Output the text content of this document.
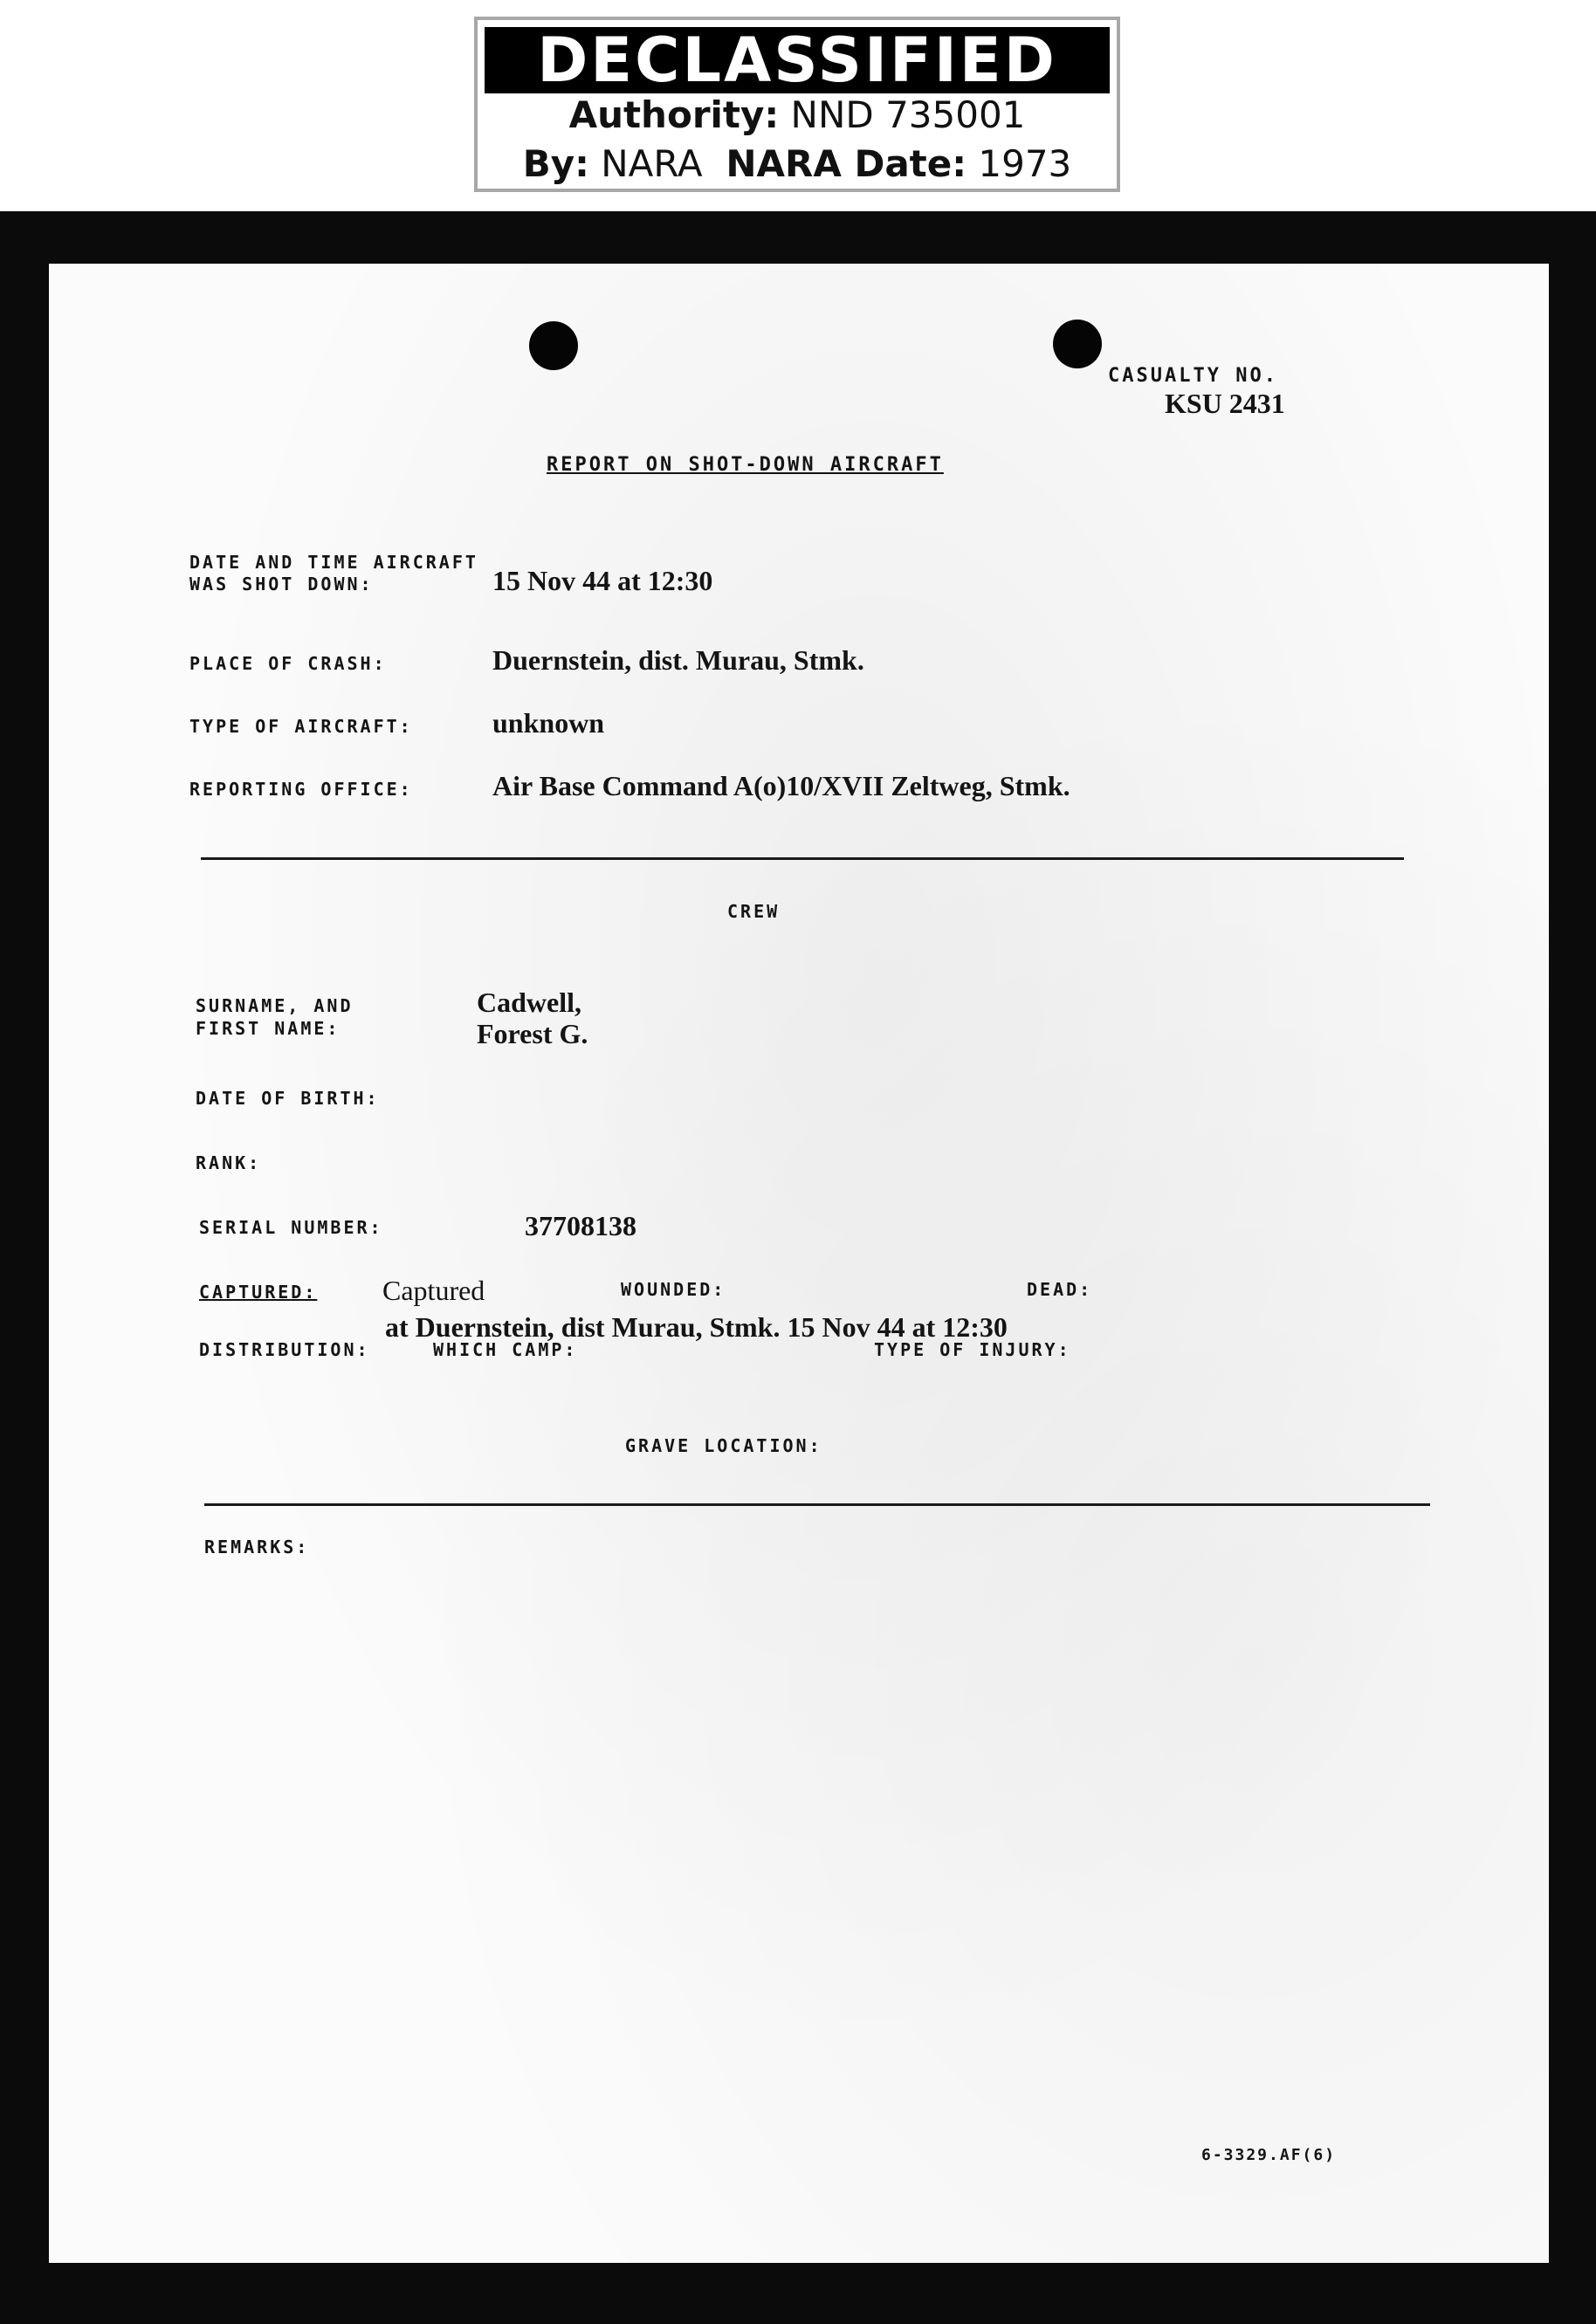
DECLASSIFIED
Authority: NND 735001
By: NARA NARA Date: 1973
CASUALTY NO.
KSU 2431
REPORT ON SHOT-DOWN AIRCRAFT
DATE AND TIME AIRCRAFT
WAS SHOT DOWN:	15 Nov 44 at 12:30
PLACE OF CRASH:	Duernstein, dist. Murau, Stmk.
TYPE OF AIRCRAFT:	unknown
REPORTING OFFICE:	Air Base Command A(o)10/XVII Zeltweg, Stmk.
CREW
SURNAME, AND
FIRST NAME:
Cadwell,
Forest G.
DATE OF BIRTH:
RANK:
SERIAL NUMBER:	37708138
CAPTURED: Captured	WOUNDED:	DEAD:
at Duernstein, dist Murau, Stmk. 15 Nov 44 at 12:30
DISTRIBUTION:	WHICH CAMP:	TYPE OF INJURY:
GRAVE LOCATION:
REMARKS:
6-3329.AF(6)
